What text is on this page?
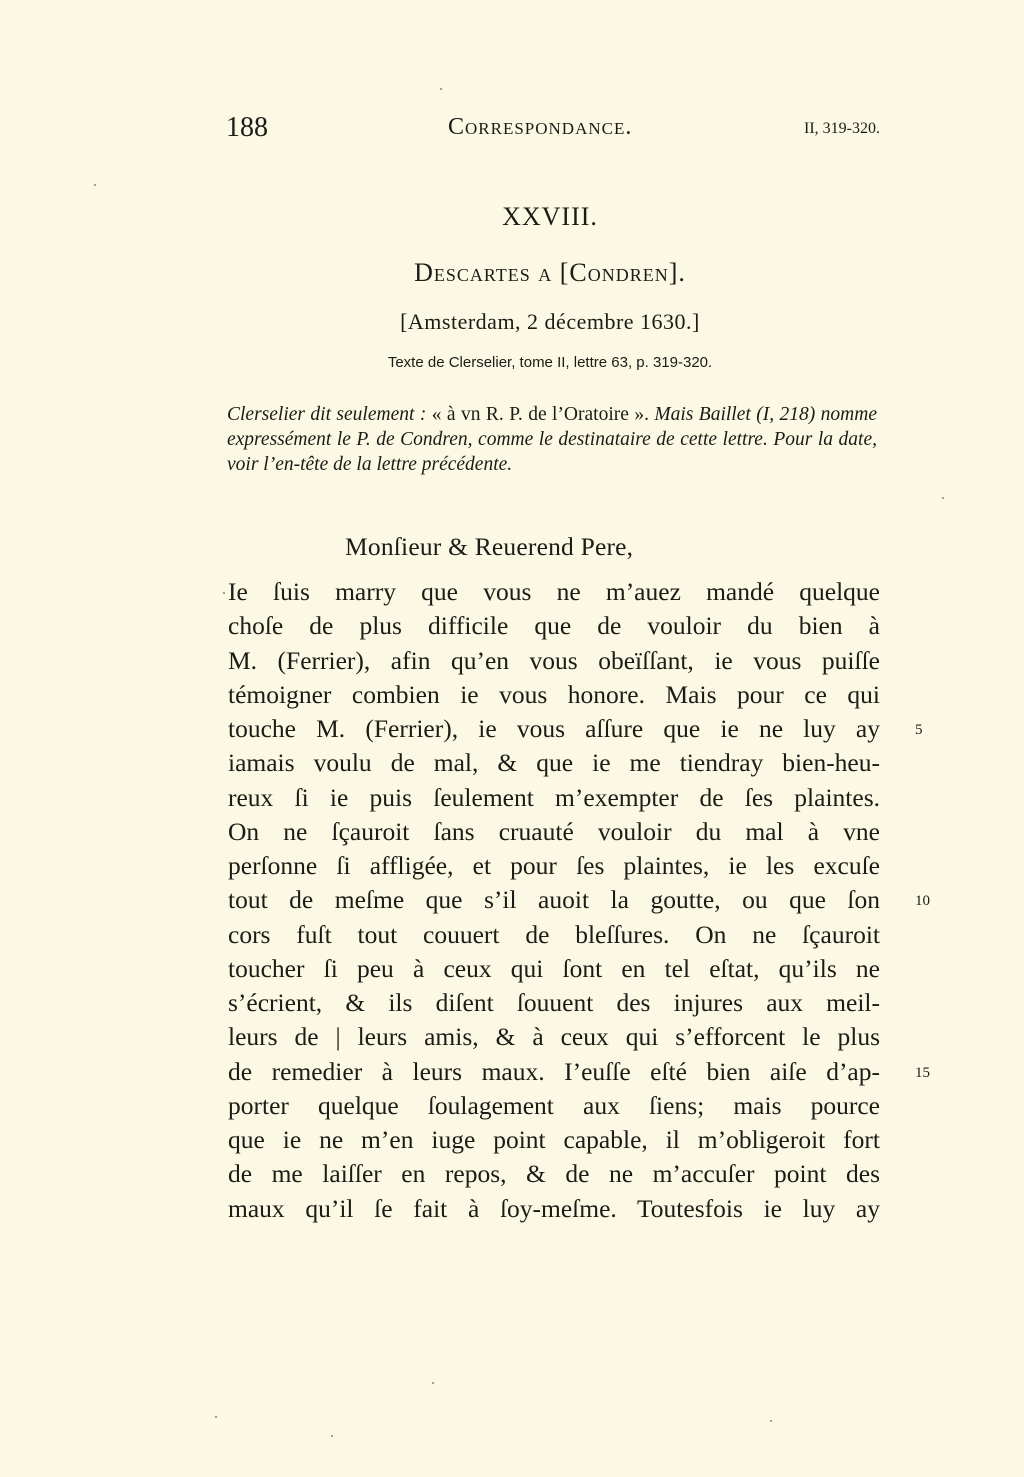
188	Correspondance.	II, 319-320.
XXVIII.
Descartes a [Condren].
[Amsterdam, 2 décembre 1630.]
Texte de Clerselier, tome II, lettre 63, p. 319-320.
Clerselier dit seulement : « à vn R. P. de l’Oratoire ». Mais Baillet (I, 218) nomme expressément le P. de Condren, comme le destinataire de cette lettre. Pour la date, voir l’en-tête de la lettre précédente.
Monſieur & Reuerend Pere,
Ie ſuis marry que vous ne m’auez mandé quelque
choſe de plus difficile que de vouloir du bien à
M. (Ferrier), afin qu’en vous obeïſſant, ie vous puiſſe
témoigner combien ie vous honore. Mais pour ce qui
touche M. (Ferrier), ie vous aſſure que ie ne luy ay
iamais voulu de mal, & que ie me tiendray bien-heu-
reux ſi ie puis ſeulement m’exempter de ſes plaintes.
On ne ſçauroit ſans cruauté vouloir du mal à vne
perſonne ſi affligée, et pour ſes plaintes, ie les excuſe
tout de meſme que s’il auoit la goutte, ou que ſon
cors fuſt tout couuert de bleſſures. On ne ſçauroit
toucher ſi peu à ceux qui ſont en tel eſtat, qu’ils ne
s’écrient, & ils diſent ſouuent des injures aux meil-
leurs de | leurs amis, & à ceux qui s’efforcent le plus
de remedier à leurs maux. I’euſſe eſté bien aiſe d’ap-
porter quelque ſoulagement aux ſiens; mais pource
que ie ne m’en iuge point capable, il m’obligeroit fort
de me laiſſer en repos, & de ne m’accuſer point des
maux qu’il ſe fait à ſoy-meſme. Toutesfois ie luy ay
5
10
15
